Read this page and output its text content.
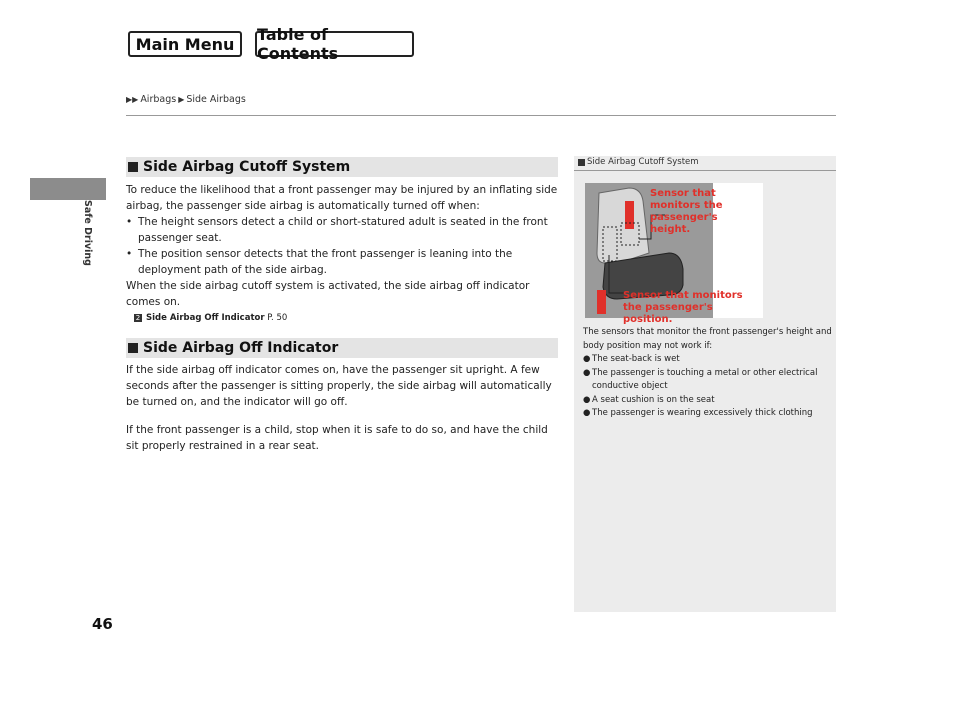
Main Menu	Table of Contents
▶▶ Airbags ▶ Side Airbags
Safe Driving
Side Airbag Cutoff System

To reduce the likelihood that a front passenger may be injured by an inflating side airbag, the passenger side airbag is automatically turned off when:

• The height sensors detect a child or short-statured adult is seated in the front passenger seat.
• The position sensor detects that the front passenger is leaning into the deployment path of the side airbag.

When the side airbag cutoff system is activated, the side airbag off indicator comes on.

2 Side Airbag Off Indicator P. 50
Side Airbag Off Indicator

If the side airbag off indicator comes on, have the passenger sit upright. A few seconds after the passenger is sitting properly, the side airbag will automatically be turned on, and the indicator will go off.

If the front passenger is a child, stop when it is safe to do so, and have the child sit properly restrained in a rear seat.

Side Airbag Cutoff System
Sensor that monitors the passenger's height.
Sensor that monitors the passenger's position.

The sensors that monitor the front passenger's height and body position may not work if:

● The seat-back is wet
● The passenger is touching a metal or other electrical conductive object
● A seat cushion is on the seat
● The passenger is wearing excessively thick clothing
46
